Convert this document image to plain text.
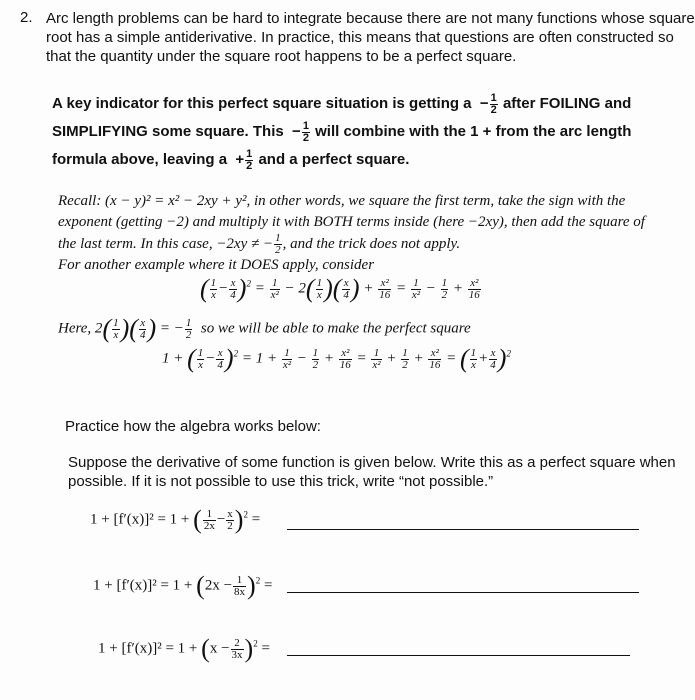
2. Arc length problems can be hard to integrate because there are not many functions whose square
root has a simple antiderivative. In practice, this means that questions are often constructed so
that the quantity under the square root happens to be a perfect square.
A key indicator for this perfect square situation is getting $a - \frac{1}{2}$ after FOILING and
SIMPLIFYING some square. This  − $\frac{1}{2}$ will combine with the 1 + from the arc length
formula above, leaving $a + \frac{1}{2}$ and a perfect square.
Recall: (x − y)² = x² − 2xy + y², in other words, we square the first term, take the sign with the
exponent (getting −2) and multiply it with BOTH terms inside (here −2xy), then add the square of
the last term. In this case, −2xy ≠ − $\frac{1}{2}$ , and the trick does not apply.
For another example where it DOES apply, consider
( $\frac{1}{x} - \frac{x}{4} )^2 = \frac{1}{\text{x²}} - 2( \frac{1}{x}$ )( $\frac{x}{4}$ ) + $\frac{\text{x²}}{16} = \frac{1}{\text{x²}} - \frac{1}{2} + \frac{\text{x²}}{16}$
Here, $2( \frac{1}{x}$ )( $\frac{x}{4}$ ) = − $\frac{1}{2}$ so we will be able to make the perfect square
1 + ( $\frac{1}{x} - \frac{x}{4} )^2 = 1 + \frac{1}{\text{x²}} - \frac{1}{2} + \frac{\text{x²}}{16} = \frac{1}{\text{x²}} + \frac{1}{2} + \frac{\text{x²}}{16}$ = ( $\frac{1}{x} + \frac{x}{4} )^2$
Practice how the algebra works below:
Suppose the derivative of some function is given below. Write this as a perfect square when
possible. If it is not possible to use this trick, write “not possible.”
1 + [f′(x)]² = 1 + ( $\frac{1}{2x} - \frac{x}{2} )^2$ =
$1 + [f'(x)]^2 = 1 + (2x - \frac{1}{8x} )^2$ =
$1 + [f'(x)]^2 = 1 + (x - \frac{2}{3x} )^2$ =
